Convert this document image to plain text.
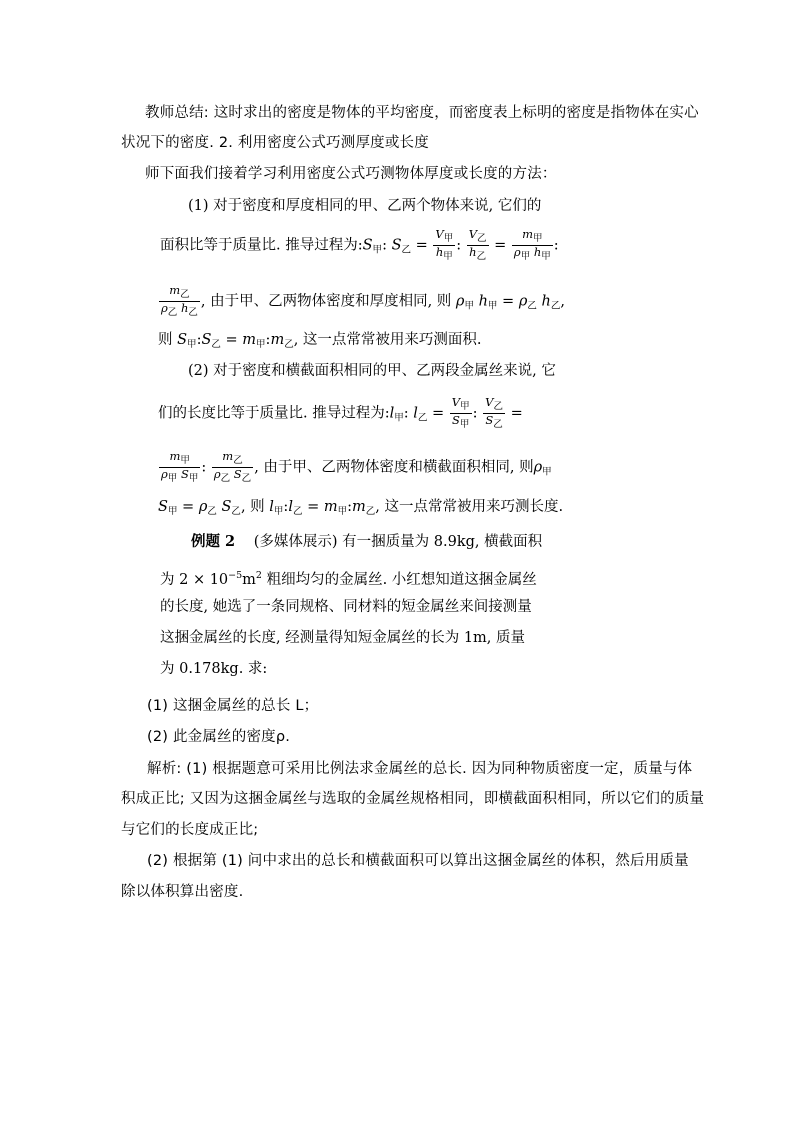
教师总结: 这时求出的密度是物体的平均密度，而密度表上标明的密度是指物体在实心
状况下的密度. 2. 利用密度公式巧测厚度或长度
师下面我们接着学习利用密度公式巧测物体厚度或长度的方法：
(1) 对于密度和厚度相同的甲、乙两个物体来说, 它们的
面积比等于质量比. 推导过程为$:S_甲$: $S_乙 = \frac{V_甲}{h_甲}$ : $\frac{V_乙}{h_乙} = \frac{m_甲}{\rho_甲 h_甲}$ :
$\frac{m_乙}{\rho_乙 h_乙}$ , 由于甲、乙两物体密度和厚度相同, 则 $\rho_甲$ $h_甲 = \rho_乙$ $h_乙$,
则 $S_甲:S_乙$ = $m_甲:m_乙$, 这一点常常被用来巧测面积.
(2) 对于密度和横截面积相同的甲、乙两段金属丝来说, 它
们的长度比等于质量比. 推导过程为$:l_甲$: $l_乙 = \frac{V_甲}{S_甲}$ : $\frac{V_乙}{S_乙}$ =
$\frac{m_甲}{\rho_甲 S_甲}$ : $\frac{m_乙}{\rho_乙 S_乙}$ , 由于甲、乙两物体密度和横截面积相同, 则$\rho_甲$
$S_甲 = \rho_乙$ $S_乙$, 则 $l_甲:l_乙$ = $m_甲:m_乙$, 这一点常常被用来巧测长度.
例题 2 (多媒体展示) 有一捆质量为 8.9kg, 横截面积
为 $2 \times 10^{-5}m^2$ 粗细均匀的金属丝. 小红想知道这捆金属丝
的长度, 她选了一条同规格、同材料的短金属丝来间接测量
这捆金属丝的长度, 经测量得知短金属丝的长为 1m, 质量
为 0.178kg. 求:
(1) 这捆金属丝的总长 L；
(2) 此金属丝的密度ρ.
解析: (1) 根据题意可采用比例法求金属丝的总长. 因为同种物质密度一定，质量与体
积成正比; 又因为这捆金属丝与选取的金属丝规格相同，即横截面积相同，所以它们的质量
与它们的长度成正比;
(2) 根据第 (1) 问中求出的总长和横截面积可以算出这捆金属丝的体积，然后用质量
除以体积算出密度.
